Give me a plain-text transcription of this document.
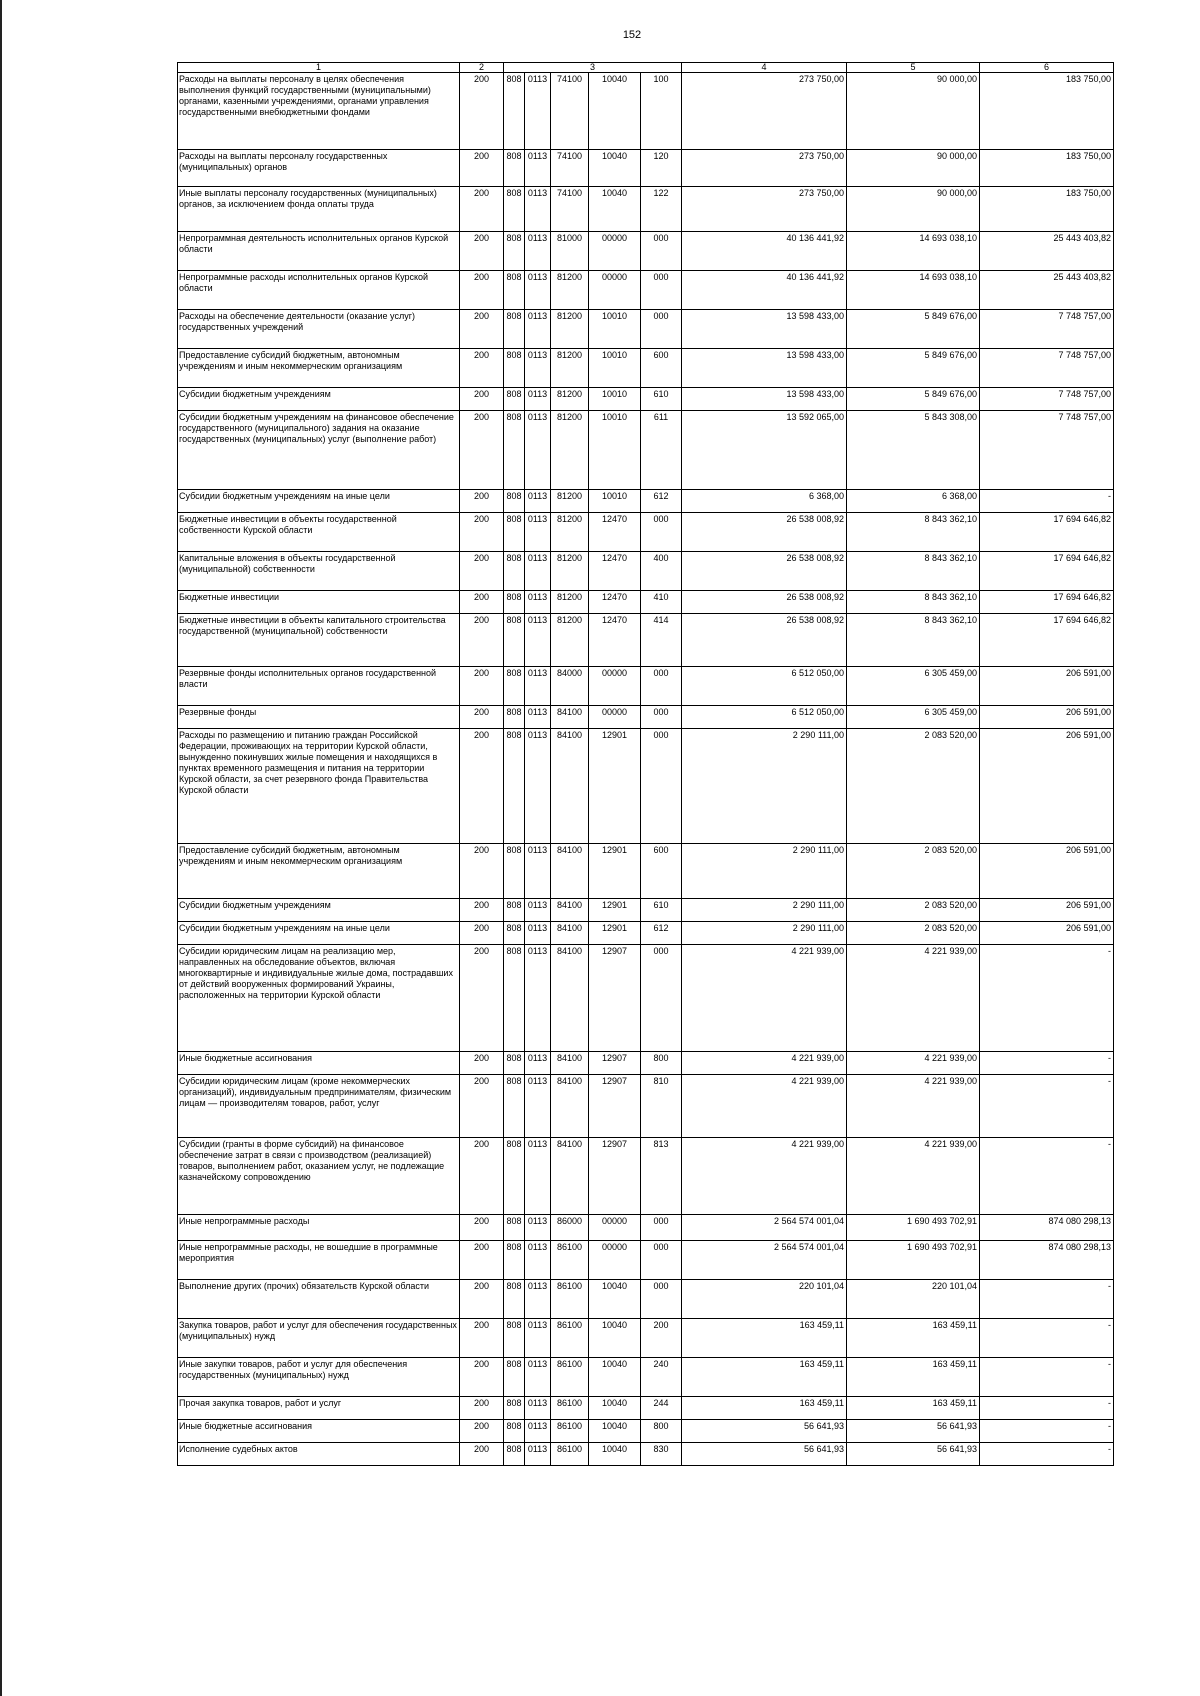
152
1	2	3					4	5	6
Расходы на выплаты персоналу в целях обеспечения выполнения функций государственными (муниципальными) органами, казенными учреждениями, органами управления государственными внебюджетными фондами	200	808	0113	74100	10040	100	273 750,00	90 000,00	183 750,00
Расходы на выплаты персоналу государственных (муниципальных) органов	200	808	0113	74100	10040	120	273 750,00	90 000,00	183 750,00
Иные выплаты персоналу государственных (муниципальных) органов, за исключением фонда оплаты труда	200	808	0113	74100	10040	122	273 750,00	90 000,00	183 750,00
Непрограммная деятельность исполнительных органов Курской области	200	808	0113	81000	00000	000	40 136 441,92	14 693 038,10	25 443 403,82
Непрограммные расходы исполнительных органов Курской области	200	808	0113	81200	00000	000	40 136 441,92	14 693 038,10	25 443 403,82
Расходы на обеспечение деятельности (оказание услуг) государственных учреждений	200	808	0113	81200	10010	000	13 598 433,00	5 849 676,00	7 748 757,00
Предоставление субсидий бюджетным, автономным учреждениям и иным некоммерческим организациям	200	808	0113	81200	10010	600	13 598 433,00	5 849 676,00	7 748 757,00
Субсидии бюджетным учреждениям	200	808	0113	81200	10010	610	13 598 433,00	5 849 676,00	7 748 757,00
Субсидии бюджетным учреждениям на финансовое обеспечение государственного (муниципального) задания на оказание государственных (муниципальных) услуг (выполнение работ)	200	808	0113	81200	10010	611	13 592 065,00	5 843 308,00	7 748 757,00
Субсидии бюджетным учреждениям на иные цели	200	808	0113	81200	10010	612	6 368,00	6 368,00	-
Бюджетные инвестиции в объекты государственной собственности Курской области	200	808	0113	81200	12470	000	26 538 008,92	8 843 362,10	17 694 646,82
Капитальные вложения в объекты государственной (муниципальной) собственности	200	808	0113	81200	12470	400	26 538 008,92	8 843 362,10	17 694 646,82
Бюджетные инвестиции	200	808	0113	81200	12470	410	26 538 008,92	8 843 362,10	17 694 646,82
Бюджетные инвестиции в объекты капитального строительства государственной (муниципальной) собственности	200	808	0113	81200	12470	414	26 538 008,92	8 843 362,10	17 694 646,82
Резервные фонды исполнительных органов государственной власти	200	808	0113	84000	00000	000	6 512 050,00	6 305 459,00	206 591,00
Резервные фонды	200	808	0113	84100	00000	000	6 512 050,00	6 305 459,00	206 591,00
Расходы по размещению и питанию граждан Российской Федерации, проживающих на территории Курской области, вынужденно покинувших жилые помещения и находящихся в пунктах временного размещения и питания на территории Курской области, за счет резервного фонда Правительства Курской области	200	808	0113	84100	12901	000	2 290 111,00	2 083 520,00	206 591,00
Предоставление субсидий бюджетным, автономным учреждениям и иным некоммерческим организациям	200	808	0113	84100	12901	600	2 290 111,00	2 083 520,00	206 591,00
Субсидии бюджетным учреждениям	200	808	0113	84100	12901	610	2 290 111,00	2 083 520,00	206 591,00
Субсидии бюджетным учреждениям на иные цели	200	808	0113	84100	12901	612	2 290 111,00	2 083 520,00	206 591,00
Субсидии юридическим лицам на реализацию мер, направленных на обследование объектов, включая многоквартирные и индивидуальные жилые дома, пострадавших от действий вооруженных формирований Украины, расположенных на территории Курской области	200	808	0113	84100	12907	000	4 221 939,00	4 221 939,00	-
Иные бюджетные ассигнования	200	808	0113	84100	12907	800	4 221 939,00	4 221 939,00	-
Субсидии юридическим лицам (кроме некоммерческих организаций), индивидуальным предпринимателям, физическим лицам — производителям товаров, работ, услуг	200	808	0113	84100	12907	810	4 221 939,00	4 221 939,00	-
Субсидии (гранты в форме субсидий) на финансовое обеспечение затрат в связи с производством (реализацией) товаров, выполнением работ, оказанием услуг, не подлежащие казначейскому сопровождению	200	808	0113	84100	12907	813	4 221 939,00	4 221 939,00	-
Иные непрограммные расходы	200	808	0113	86000	00000	000	2 564 574 001,04	1 690 493 702,91	874 080 298,13
Иные непрограммные расходы, не вошедшие в программные мероприятия	200	808	0113	86100	00000	000	2 564 574 001,04	1 690 493 702,91	874 080 298,13
Выполнение других (прочих) обязательств Курской области	200	808	0113	86100	10040	000	220 101,04	220 101,04	-
Закупка товаров, работ и услуг для обеспечения государственных (муниципальных) нужд	200	808	0113	86100	10040	200	163 459,11	163 459,11	-
Иные закупки товаров, работ и услуг для обеспечения государственных (муниципальных) нужд	200	808	0113	86100	10040	240	163 459,11	163 459,11	-
Прочая закупка товаров, работ и услуг	200	808	0113	86100	10040	244	163 459,11	163 459,11	-
Иные бюджетные ассигнования	200	808	0113	86100	10040	800	56 641,93	56 641,93	-
Исполнение судебных актов	200	808	0113	86100	10040	830	56 641,93	56 641,93	-
